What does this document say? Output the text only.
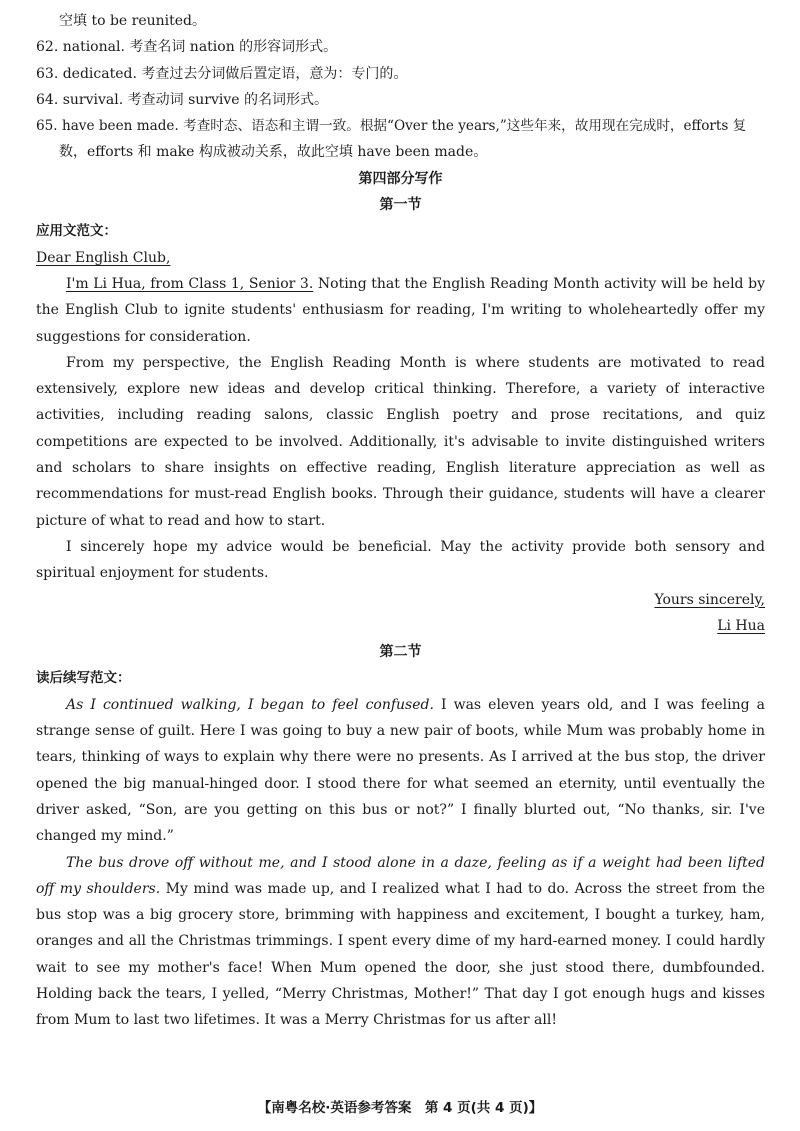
空填 to be reunited。
62. national. 考查名词 nation 的形容词形式。
63. dedicated. 考查过去分词做后置定语，意为：专门的。
64. survival. 考查动词 survive 的名词形式。
65. have been made. 考查时态、语态和主谓一致。根据“Over the years,”这些年来，故用现在完成时，efforts 复
数，efforts 和 make 构成被动关系，故此空填 have been made。
第四部分写作
第一节
应用文范文：
Dear English Club,

I'm Li Hua, from Class 1, Senior 3. Noting that the English Reading Month activity will be held by the English Club to ignite students' enthusiasm for reading, I'm writing to wholeheartedly offer my suggestions for consideration.

From my perspective, the English Reading Month is where students are motivated to read extensively, explore new ideas and develop critical thinking. Therefore, a variety of interactive activities, including reading salons, classic English poetry and prose recitations, and quiz competitions are expected to be involved. Additionally, it's advisable to invite distinguished writers and scholars to share insights on effective reading, English literature appreciation as well as recommendations for must-read English books. Through their guidance, students will have a clearer picture of what to read and how to start.

I sincerely hope my advice would be beneficial. May the activity provide both sensory and spiritual enjoyment for students.

Yours sincerely,
Li Hua
第二节
读后续写范文：

As I continued walking, I began to feel confused. I was eleven years old, and I was feeling a strange sense of guilt. Here I was going to buy a new pair of boots, while Mum was probably home in tears, thinking of ways to explain why there were no presents. As I arrived at the bus stop, the driver opened the big manual-hinged door. I stood there for what seemed an eternity, until eventually the driver asked, “Son, are you getting on this bus or not?” I finally blurted out, “No thanks, sir. I've changed my mind.”

The bus drove off without me, and I stood alone in a daze, feeling as if a weight had been lifted off my shoulders. My mind was made up, and I realized what I had to do. Across the street from the bus stop was a big grocery store, brimming with happiness and excitement, I bought a turkey, ham, oranges and all the Christmas trimmings. I spent every dime of my hard-earned money. I could hardly wait to see my mother's face! When Mum opened the door, she just stood there, dumbfounded. Holding back the tears, I yelled, “Merry Christmas, Mother!” That day I got enough hugs and kisses from Mum to last two lifetimes. It was a Merry Christmas for us after all!

【南粤名校·英语参考答案　第 4 页(共 4 页)】
